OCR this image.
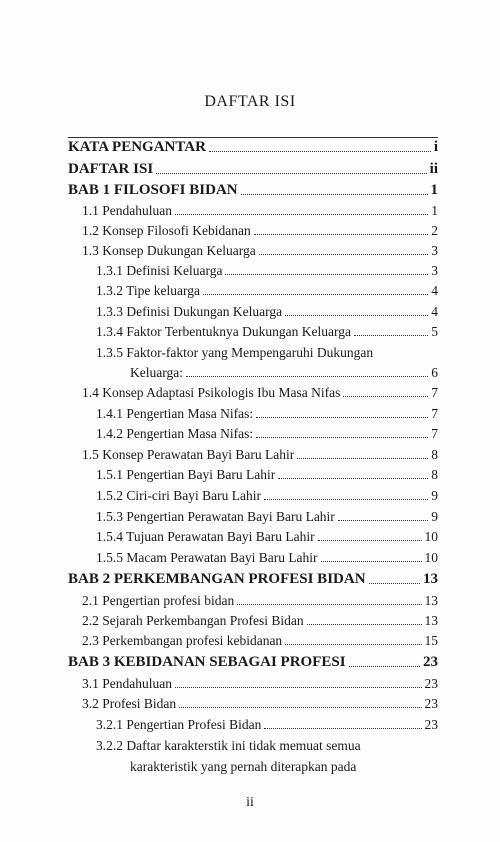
DAFTAR ISI
KATA PENGANTAR	i
DAFTAR ISI	ii
BAB 1 FILOSOFI BIDAN	1
1.1 Pendahuluan	1
1.2 Konsep Filosofi Kebidanan	2
1.3 Konsep Dukungan Keluarga	3
1.3.1 Definisi Keluarga	3
1.3.2 Tipe keluarga	4
1.3.3 Definisi Dukungan Keluarga	4
1.3.4 Faktor Terbentuknya Dukungan Keluarga	5
1.3.5 Faktor-faktor yang Mempengaruhi Dukungan
Keluarga:	6
1.4 Konsep Adaptasi Psikologis Ibu Masa Nifas	7
1.4.1 Pengertian Masa Nifas:	7
1.4.2 Pengertian Masa Nifas:	7
1.5 Konsep Perawatan Bayi Baru Lahir	8
1.5.1 Pengertian Bayi Baru Lahir	8
1.5.2 Ciri-ciri Bayi Baru Lahir	9
1.5.3 Pengertian Perawatan Bayi Baru Lahir	9
1.5.4 Tujuan Perawatan Bayi Baru Lahir	10
1.5.5 Macam Perawatan Bayi Baru Lahir	10
BAB 2 PERKEMBANGAN PROFESI BIDAN	13
2.1 Pengertian profesi bidan	13
2.2 Sejarah Perkembangan Profesi Bidan	13
2.3 Perkembangan profesi kebidanan	15
BAB 3 KEBIDANAN SEBAGAI PROFESI	23
3.1 Pendahuluan	23
3.2 Profesi Bidan	23
3.2.1 Pengertian Profesi Bidan	23
3.2.2 Daftar karakterstik ini tidak memuat semua
karakteristik yang pernah diterapkan pada
ii
